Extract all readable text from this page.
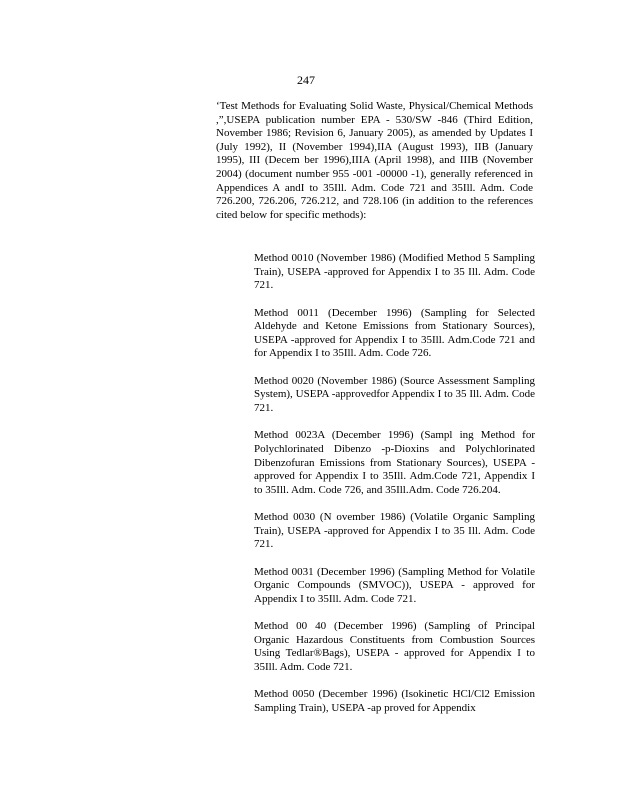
247

‘Test Methods for Evaluating Solid Waste, Physical/Chemical Methods ,”,USEPA publication number EPA - 530/SW -846 (Third Edition, November 1986; Revision 6, January 2005), as amended by Updates I (July 1992), II (November 1994),IIA (August 1993), IIB (January 1995), III (Decem ber 1996),IIIA (April 1998), and IIIB (November 2004) (document number 955 -001 -00000 -1), generally referenced in Appendices A andI to 35Ill. Adm. Code 721 and 35Ill. Adm. Code 726.200, 726.206, 726.212, and 728.106 (in addition to the references cited below for specific methods):

Method 0010 (November 1986) (Modified Method 5 Sampling Train), USEPA -approved for Appendix I to 35 Ill. Adm. Code 721.

Method 0011 (December 1996) (Sampling for Selected Aldehyde and Ketone Emissions from Stationary Sources), USEPA -approved for Appendix I to 35Ill. Adm.Code 721 and for Appendix I to 35Ill. Adm. Code 726.

Method 0020 (November 1986) (Source Assessment Sampling System), USEPA -approvedfor Appendix I to 35 Ill. Adm. Code 721.

Method 0023A (December 1996) (Sampl ing Method for Polychlorinated Dibenzo -p-Dioxins and Polychlorinated Dibenzofuran Emissions from Stationary Sources), USEPA -approved for Appendix I to 35Ill. Adm.Code 721, Appendix I to 35Ill. Adm. Code 726, and 35Ill.Adm. Code 726.204.

Method 0030 (N ovember 1986) (Volatile Organic Sampling Train), USEPA -approved for Appendix I to 35 Ill. Adm. Code 721.

Method 0031 (December 1996) (Sampling Method for Volatile Organic Compounds (SMVOC)), USEPA - approved for Appendix I to 35Ill. Adm. Code 721.

Method 00 40 (December 1996) (Sampling of Principal Organic Hazardous Constituents from Combustion Sources Using Tedlar®Bags), USEPA - approved for Appendix I to 35Ill. Adm. Code 721.

Method 0050 (December 1996) (Isokinetic HCl/Cl2 Emission Sampling Train), USEPA -ap proved for Appendix
